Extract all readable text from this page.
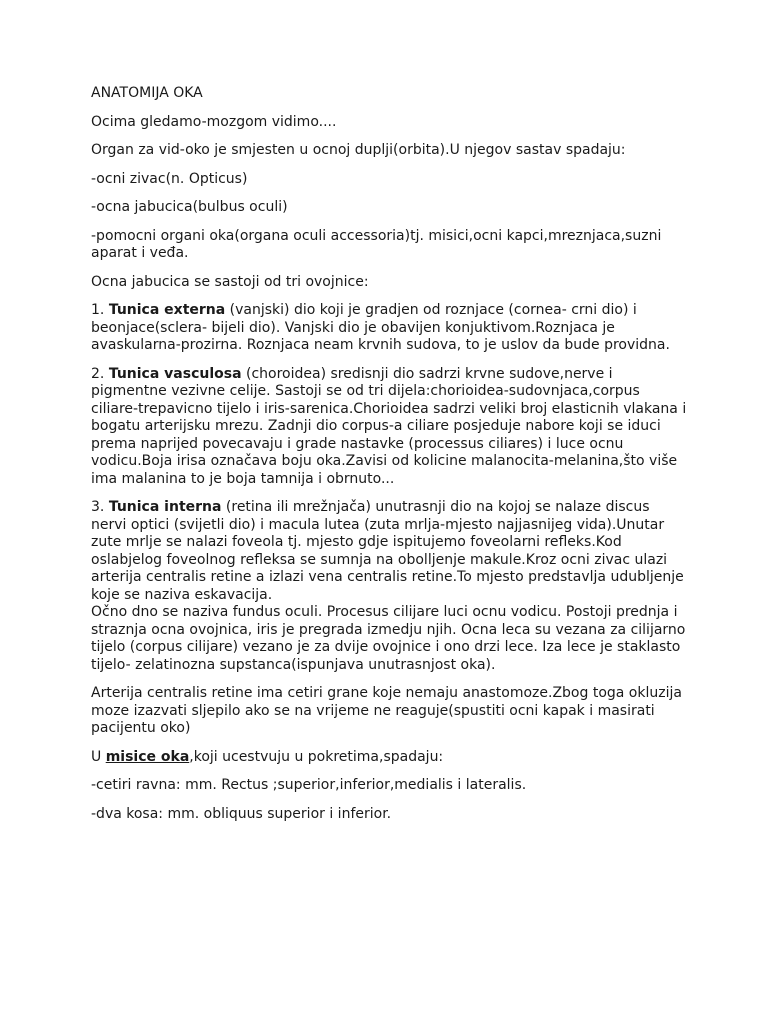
ANATOMIJA OKA

Ocima gledamo-mozgom vidimo....

Organ za vid-oko je smjesten u ocnoj duplji(orbita).U njegov sastav spadaju:

-ocni zivac(n. Opticus)

-ocna jabucica(bulbus oculi)

-pomocni organi oka(organa oculi accessoria)tj. misici,ocni kapci,mreznjaca,suzni aparat i veđa.

Ocna jabucica se sastoji od tri ovojnice:

1. Tunica externa (vanjski) dio koji je gradjen od roznjace (cornea- crni dio) i beonjace(sclera- bijeli dio). Vanjski dio je obavijen konjuktivom.Roznjaca je avaskularna-prozirna. Roznjaca neam krvnih sudova, to je uslov da bude providna.

2. Tunica vasculosa (choroidea) sredisnji dio sadrzi krvne sudove,nerve i pigmentne vezivne celije. Sastoji se od tri dijela:chorioidea-sudovnjaca,corpus ciliare-trepavicno tijelo i iris-sarenica.Chorioidea sadrzi veliki broj elasticnih vlakana i bogatu arterijsku mrezu. Zadnji dio corpus-a ciliare posjeduje nabore koji se iduci prema naprijed povecavaju i grade nastavke (processus ciliares) i luce ocnu vodicu.Boja irisa označava boju oka.Zavisi od kolicine malanocita-melanina,što više ima malanina to je boja tamnija i obrnuto...

3. Tunica interna (retina ili mrežnjača) unutrasnji dio na kojoj se nalaze discus nervi optici (svijetli dio) i macula lutea (zuta mrlja-mjesto najjasnijeg vida).Unutar zute mrlje se nalazi foveola tj. mjesto gdje ispitujemo foveolarni refleks.Kod oslabjelog foveolnog refleksa se sumnja na obolljenje makule.Kroz ocni zivac ulazi arterija centralis retine a izlazi vena centralis retine.To mjesto predstavlja udubljenje koje se naziva eskavacija.
Očno dno se naziva fundus oculi. Procesus cilijare luci ocnu vodicu. Postoji prednja i straznja ocna ovojnica, iris je pregrada izmedju njih. Ocna leca su vezana za cilijarno tijelo (corpus cilijare) vezano je za dvije ovojnice i ono drzi lece. Iza lece je staklasto tijelo- zelatinozna supstanca(ispunjava unutrasnjost oka).

Arterija centralis retine ima cetiri grane koje nemaju anastomoze.Zbog toga okluzija moze izazvati sljepilo ako se na vrijeme ne reaguje(spustiti ocni kapak i masirati pacijentu oko)

U misice oka,koji ucestvuju u pokretima,spadaju:

-cetiri ravna: mm. Rectus ;superior,inferior,medialis i lateralis.

-dva kosa: mm. obliquus superior i inferior.
